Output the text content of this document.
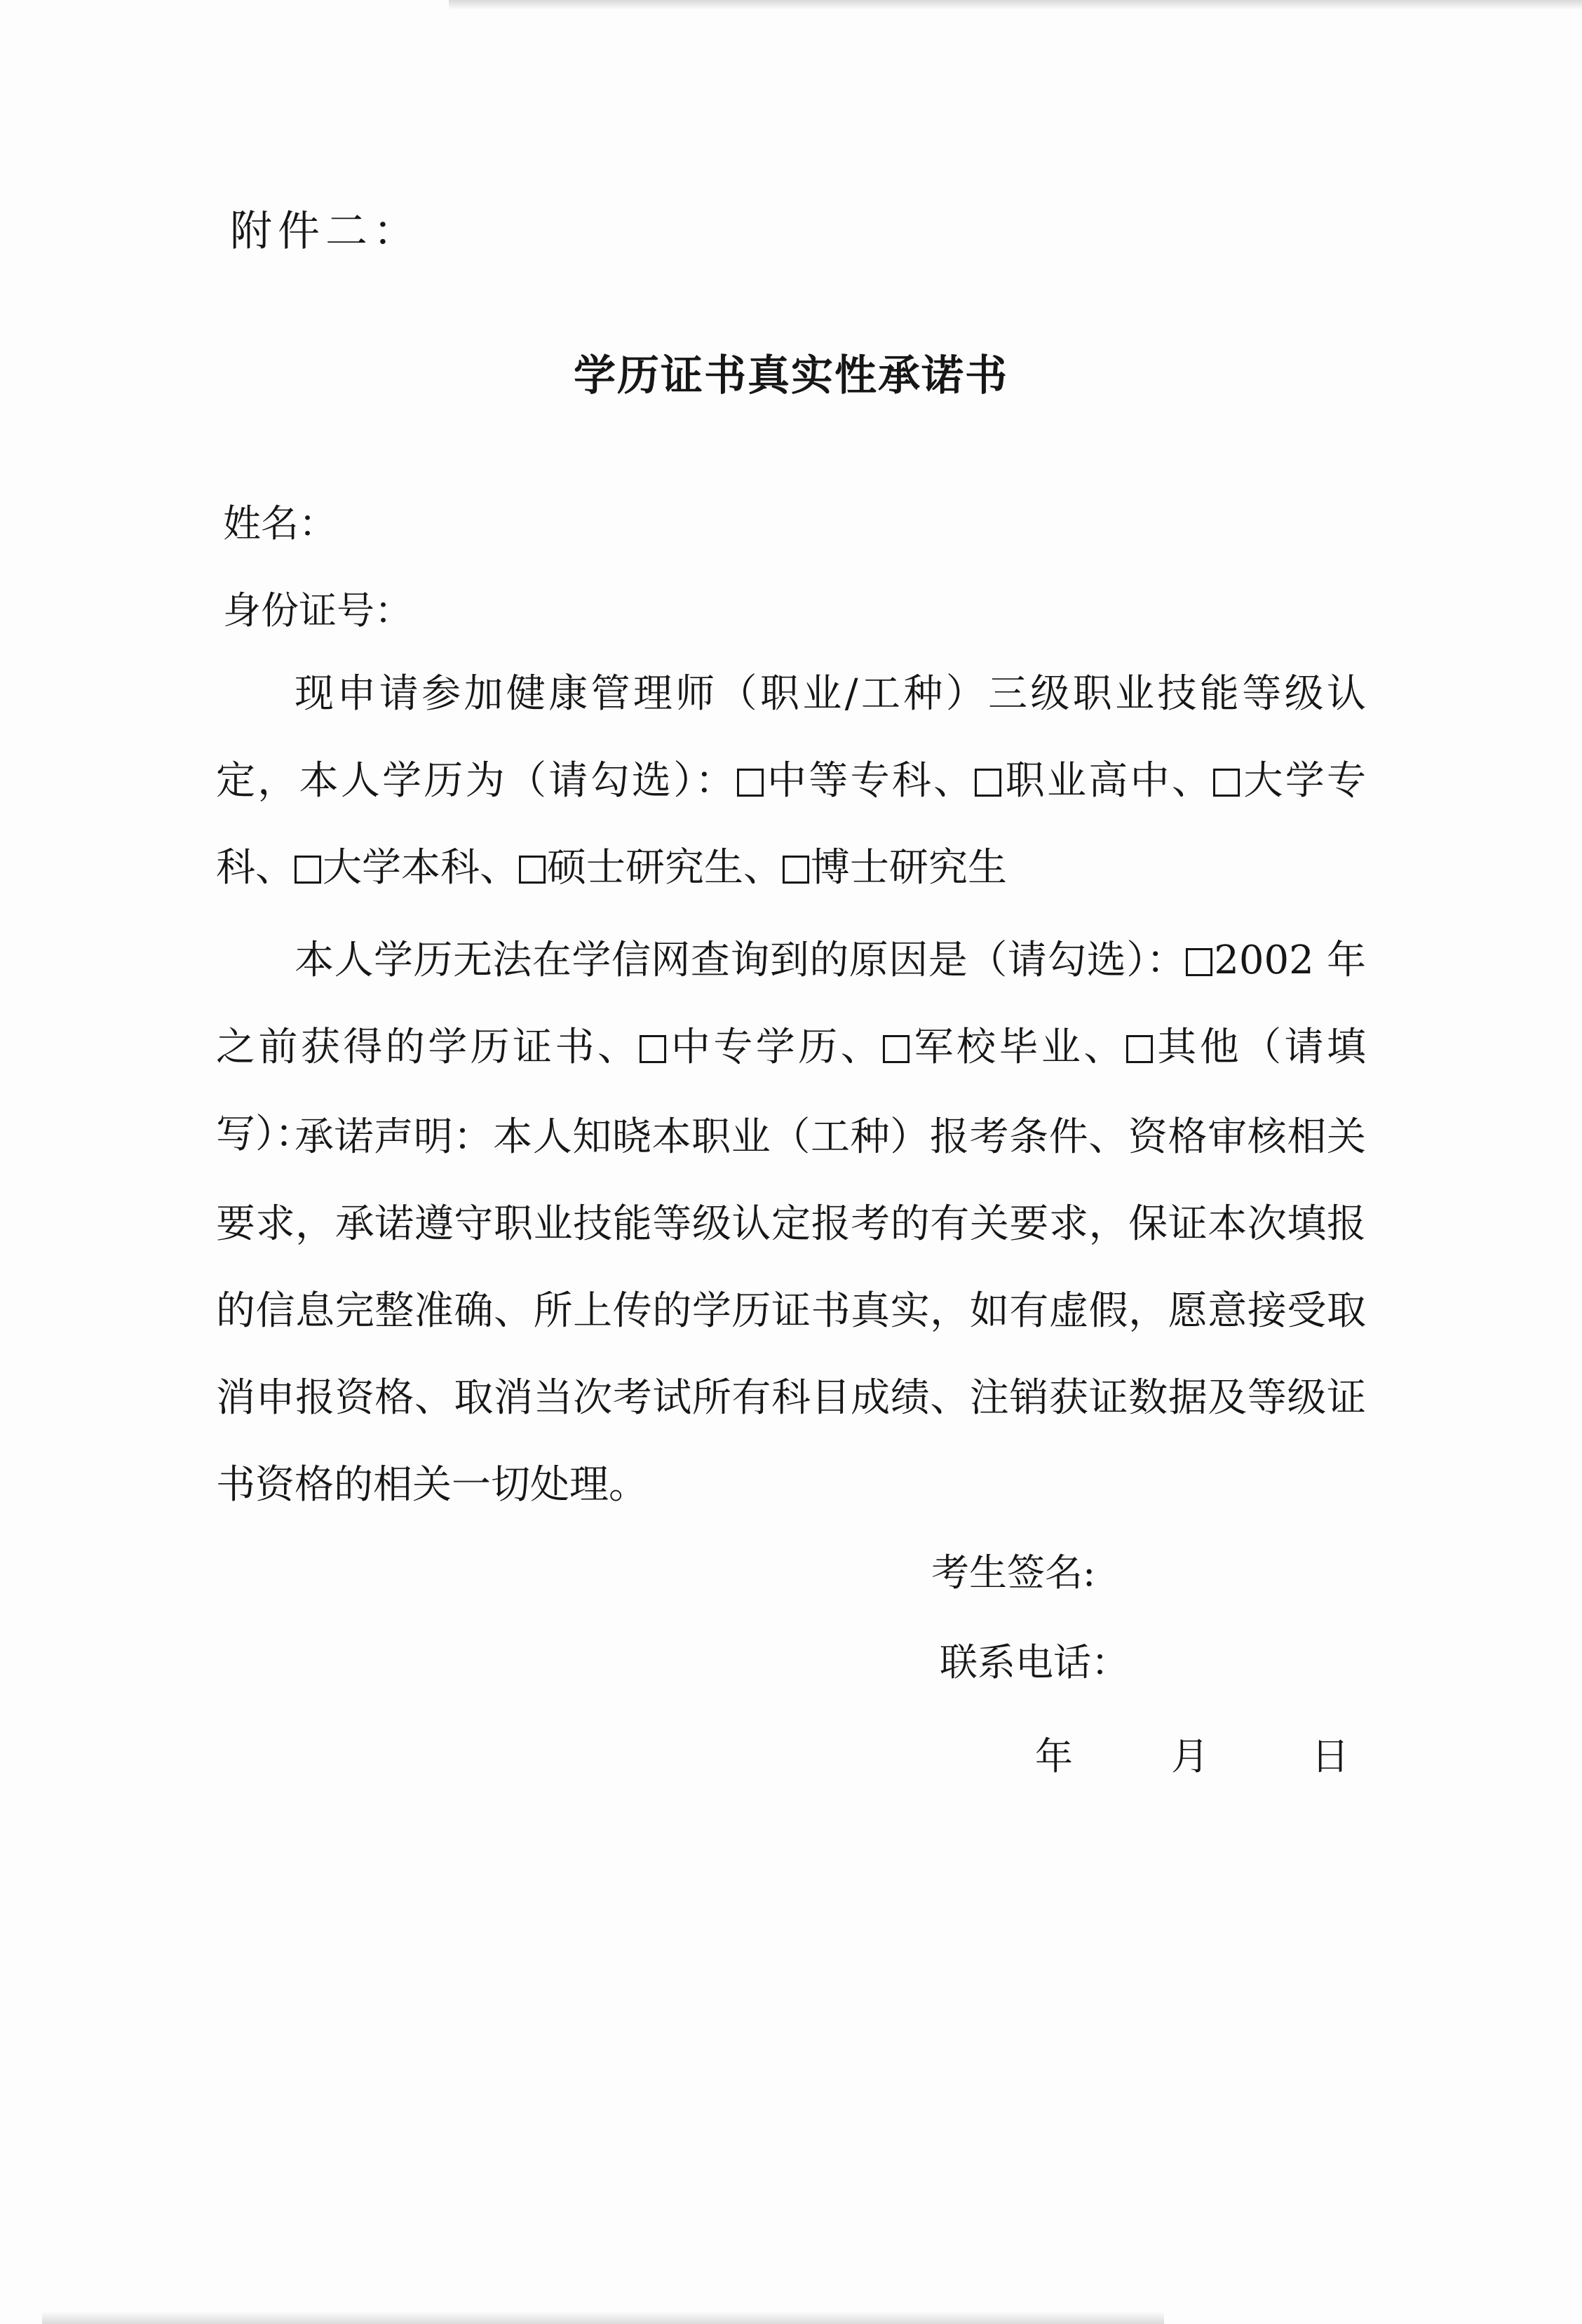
附件二：
学历证书真实性承诺书
姓名：
身份证号：
现申请参加健康管理师（职业/工种）三级职业技能等级认定，本人学历为（请勾选）： 中等专科、 职业高中、 大学专科、 大学本科、 硕士研究生、 博士研究生
本人学历无法在学信网查询到的原因是（请勾选）： 2002 年之前获得的学历证书、 中专学历、 军校毕业、 其他（请填写）：
承诺声明：本人知晓本职业（工种）报考条件、资格审核相关要求，承诺遵守职业技能等级认定报考的有关要求，保证本次填报的信息完整准确、所上传的学历证书真实，如有虚假，愿意接受取消申报资格、取消当次考试所有科目成绩、注销获证数据及等级证书资格的相关一切处理。
考生签名:
联系电话：
年	月	日
